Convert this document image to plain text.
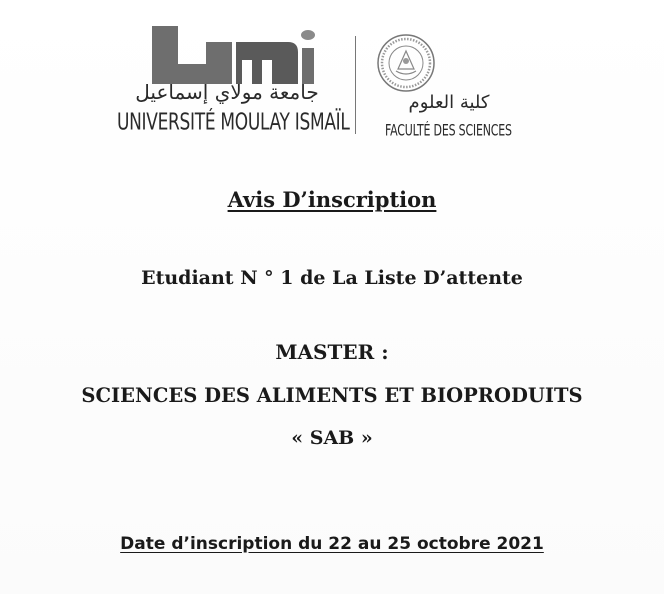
جامعة مولاي إسماعيل
UNIVERSITÉ MOULAY ISMAÏL
كلية العلوم
FACULTÉ DES SCIENCES
Avis D’inscription
Etudiant N ° 1 de La Liste D’attente
MASTER :
SCIENCES DES ALIMENTS ET BIOPRODUITS
« SAB »
Date d’inscription du 22 au 25 octobre 2021
